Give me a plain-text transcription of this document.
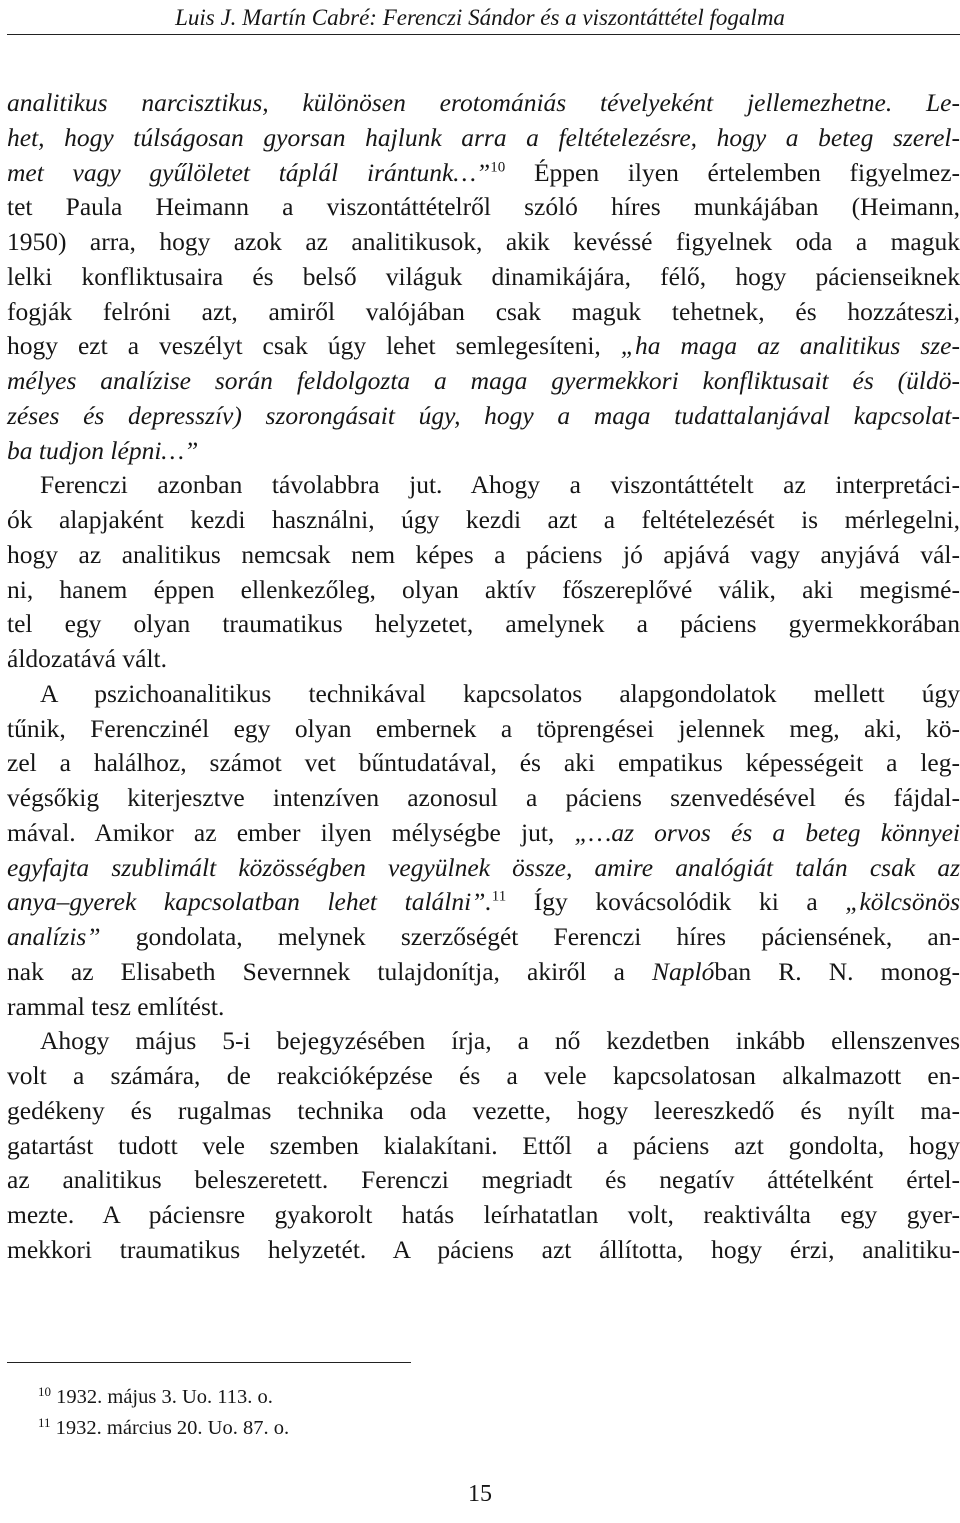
Luis J. Martín Cabré: Ferenczi Sándor és a viszontáttétel fogalma
analitikus narcisztikus, különösen erotomániás tévelyeként jellemezhetne. Le-
het, hogy túlságosan gyorsan hajlunk arra a feltételezésre, hogy a beteg szerel-
met vagy gyűlöletet táplál irántunk…”$^{10}$ Éppen ilyen értelemben figyelmez-
tet Paula Heimann a viszontáttételről szóló híres munkájában (Heimann,
1950) arra, hogy azok az analitikusok, akik kevéssé figyelnek oda a maguk
lelki konfliktusaira és belső világuk dinamikájára, félő, hogy pácienseiknek
fogják felróni azt, amiről valójában csak maguk tehetnek, és hozzáteszi,
hogy ezt a veszélyt csak úgy lehet semlegesíteni, „ha maga az analitikus sze-
mélyes analízise során feldolgozta a maga gyermekkori konfliktusait és (üldö-
zéses és depresszív) szorongásait úgy, hogy a maga tudattalanjával kapcsolat-
ba tudjon lépni…”
Ferenczi azonban távolabbra jut. Ahogy a viszontáttételt az interpretáci-
ók alapjaként kezdi használni, úgy kezdi azt a feltételezését is mérlegelni,
hogy az analitikus nemcsak nem képes a páciens jó apjává vagy anyjává vál-
ni, hanem éppen ellenkezőleg, olyan aktív főszereplővé válik, aki megismé-
tel egy olyan traumatikus helyzetet, amelynek a páciens gyermekkorában
áldozatává vált.
A pszichoanalitikus technikával kapcsolatos alapgondolatok mellett úgy
tűnik, Ferenczinél egy olyan embernek a töprengései jelennek meg, aki, kö-
zel a halálhoz, számot vet bűntudatával, és aki empatikus képességeit a leg-
végsőkig kiterjesztve intenzíven azonosul a páciens szenvedésével és fájdal-
mával. Amikor az ember ilyen mélységbe jut, „…az orvos és a beteg könnyei
egyfajta szublimált közösségben vegyülnek össze, amire analógiát talán csak az
anya–gyerek kapcsolatban lehet találni”.$^{11}$ Így kovácsolódik ki a „kölcsönös
analízis” gondolata, melynek szerzőségét Ferenczi híres páciensének, an-
nak az Elisabeth Severnnek tulajdonítja, akiről a Naplóban R. N. monog-
rammal tesz említést.
Ahogy május 5-i bejegyzésében írja, a nő kezdetben inkább ellenszenves
volt a számára, de reakcióképzése és a vele kapcsolatosan alkalmazott en-
gedékeny és rugalmas technika oda vezette, hogy leereszkedő és nyílt ma-
gatartást tudott vele szemben kialakítani. Ettől a páciens azt gondolta, hogy
az analitikus beleszeretett. Ferenczi megriadt és negatív áttételként értel-
mezte. A páciensre gyakorolt hatás leírhatatlan volt, reaktiválta egy gyer-
mekkori traumatikus helyzetét. A páciens azt állította, hogy érzi, analitiku-
$^{10}$ 1932. május 3. Uo. 113. o.
$^{11}$ 1932. március 20. Uo. 87. o.
15
